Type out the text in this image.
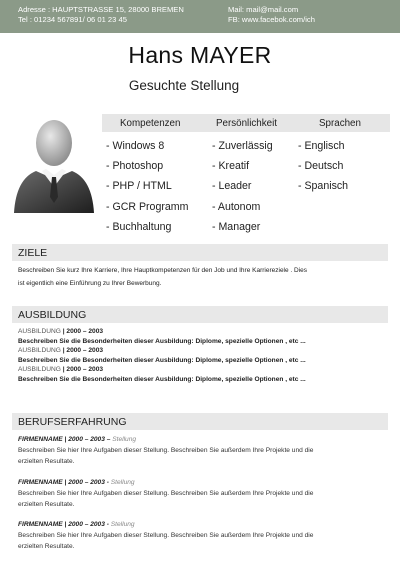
Adresse : HAUPTSTRASSE 15, 28000 BREMEN
Tel : 01234 567891/ 06 01 23 45
Mail: mail@mail.com
FB: www.facebok.com/ich
Hans MAYER
Gesuchte Stellung
Kompetenzen	Persönlichkeit	Sprachen
- Windows 8
- Photoshop
- PHP / HTML
- GCR Programm
- Buchhaltung
- Zuverlässig
- Kreatif
- Leader
- Autonom
- Manager
- Englisch
- Deutsch
- Spanisch
ZIELE
Beschreiben Sie kurz Ihre Karriere, Ihre Hauptkompetenzen für den Job und Ihre Karriereziele . Dies
ist eigentlich eine Einführung zu Ihrer Bewerbung.
AUSBILDUNG
AUSBILDUNG | 2000 – 2003
Beschreiben Sie die Besonderheiten dieser Ausbildung: Diplome, spezielle Optionen , etc ...
AUSBILDUNG | 2000 – 2003
Beschreiben Sie die Besonderheiten dieser Ausbildung: Diplome, spezielle Optionen , etc ...
AUSBILDUNG | 2000 – 2003
Beschreiben Sie die Besonderheiten dieser Ausbildung: Diplome, spezielle Optionen , etc ...
BERUFSERFAHRUNG
FIRMENNAME | 2000 – 2003 – Stellung
Beschreiben Sie hier Ihre Aufgaben dieser Stellung. Beschreiben Sie außerdem Ihre Projekte und die
erzielten Resultate.
FIRMENNAME | 2000 – 2003 - Stellung
Beschreiben Sie hier Ihre Aufgaben dieser Stellung. Beschreiben Sie außerdem Ihre Projekte und die
erzielten Resultate.
FIRMENNAME | 2000 – 2003 - Stellung
Beschreiben Sie hier Ihre Aufgaben dieser Stellung. Beschreiben Sie außerdem Ihre Projekte und die
erzielten Resultate.
